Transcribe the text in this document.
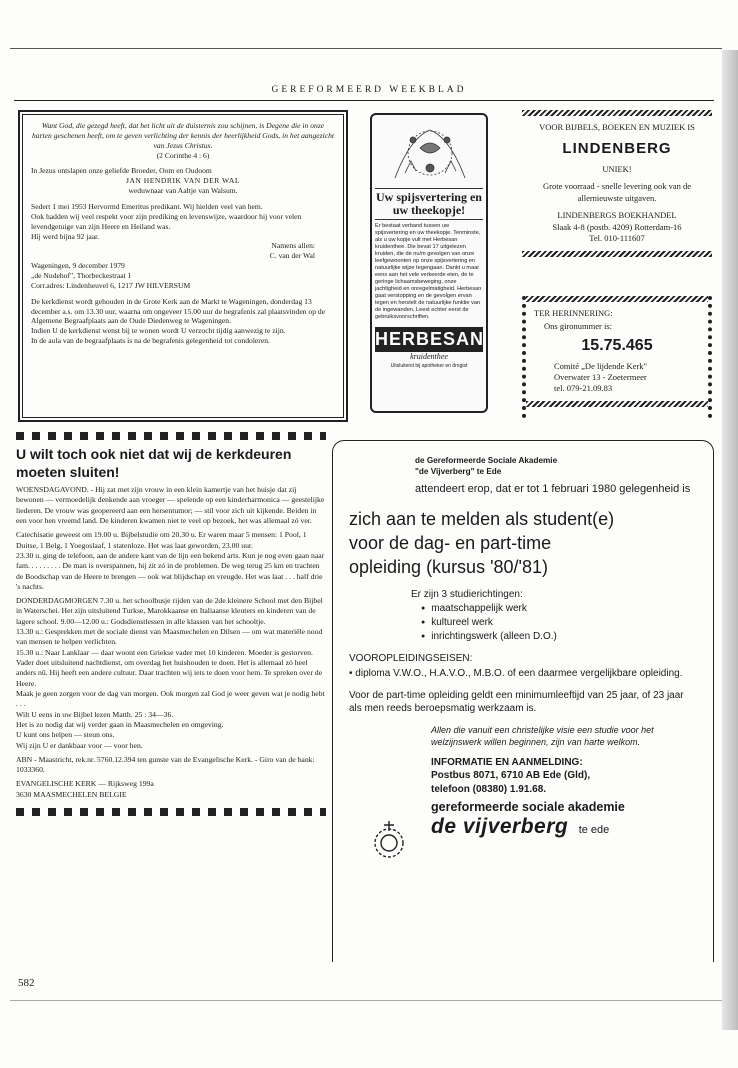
GEREFORMEERD WEEKBLAD
Want God, die gezegd heeft, dat het licht uit de duisternis zou schijnen, is Degene die in onze harten geschenen heeft, om te geven verlichting der kennis der heerlijkheid Gods, in het aangezicht van Jezus Christus.
(2 Corinthe 4 : 6)

In Jezus ontslapen onze geliefde Broeder, Oom en Oudoom

JAN HENDRIK VAN DER WAL
weduwnaar van Aaltje van Walsum.

Sedert 1 mei 1953 Hervormd Emeritus predikant. Wij hielden veel van hem.

Ook hadden wij veel respekt voor zijn prediking en levenswijze, waardoor hij voor velen levendgetuige van zijn Heere en Heiland was.
Hij werd bijna 92 jaar.
Namens allen:
C. van der Wal
Wageningen, 9 december 1979
„de Nudehof", Thorbeckestraat 1
Corr.adres: Lindenheuvel 6, 1217 JW HILVERSUM

De kerkdienst wordt gehouden in de Grote Kerk aan de Markt te Wageningen, donderdag 13 december a.s. om 13.30 uur, waarna om ongeveer 15.00 uur de begrafenis zal plaatsvinden op de Algemene Begraafplaats aan de Oude Diedenweg te Wageningen.

Indien U de kerkdienst wenst bij te wonen wordt U verzocht tijdig aanwezig te zijn.
In de aula van de begraafplaats is na de begrafenis gelegenheid tot condoleren.
Uw spijsvertering en uw theekopje!
Er bestaat verband tussen uw spijsvertering en uw theekopje. Tenminste, als u uw kopje vult met Herbesan kruidenthee. Die bevat 17 uitgelezen kruiden, die de nu/m gevolgen van onze leefgewoonten op onze spijsvertering en natuurlijke wijze tegengaan. Dankt u maar eens aan het vele verkeerde eten, de te geringe lichaamsbeweging, onze jachtigheid en onregelmatigheid. Herbesan gaat verstopping en de gevolgen ervan tegen en herstelt de natuurlijke funktie van de ingewanden. Leest echter eerst de gebruiksvoorschriften.
HERBESAN
kruidenthee
Uitsluitend bij apotheker en drogist
VOOR BIJBELS, BOEKEN EN MUZIEK IS
LINDENBERG
UNIEK!
Grote voorraad - snelle levering ook van de allernieuwste uitgaven.
LINDENBERGS BOEKHANDEL
Slaak 4-8 (postb. 4209) Rotterdam-16
Tel. 010-111607
TER HERINNERING:
Ons gironummer is:
15.75.465
Comité „De lijdende Kerk"
Overwater 13 - Zoetermeer
tel. 079-21.09.83
U wilt toch ook niet dat wij de kerkdeuren moeten sluiten!
WOENSDAGAVOND. - Hij zat met zijn vrouw in een klein kamertje van het huisje dat zij bewonen — vermoedelijk denkende aan vroeger — spelende op een kinderharmonica — geestelijke liederen. De vrouw was geopereerd aan een hersentumor; — stil voor zich uit kijkende. Beiden in een voor hen vreemd land. De kinderen kwamen niet te veel op bezoek, het was allemaal zó ver.

Catechisatie geweest om 19.00 u. Bijbelstudie om 20.30 u. Er waren maar 5 mensen: 1 Pool, 1 Duitse, 1 Belg, 1 Yoegoslaaf, 1 statenloze. Het was laat geworden, 23.00 uur.

23.30 u. ging de telefoon, aan de andere kant van de lijn een bekend arts. Kun je nog even gaan naar fam. . . . . . . . . De man is overspannen, hij zit zó in de problemen. De weg terug 25 km en trachten de Boodschap van de Heere te brengen — ook wat blijdschap en vreugde. Het was laat . . . half drie 's nachts.

DONDERDAGMORGEN 7.30 u. het schoolbusje rijden van de 2de kleinere School met den Bijbel in Waterschei. Het zijn uitsluitend Turkse, Marokkaanse en Italiaanse kleuters en kinderen van de lagere school. 9.00—12.00 u.: Godsdienstlessen in alle klassen van het schooltje.

13.30 u.: Gesprekken met de sociale dienst van Maasmechelen en Dilsen — om wat materiële nood van mensen te helpen verlichten.
15.30 u.: Naar Lanklaar — daar woont een Griekse vader met 10 kinderen. Moeder is gestorven. Vader doet uitsluitend nachtdienst, om overdag het huishouden te doen. Het is allemaal zó heel anders nû. Hij heeft een andere cultuur. Daar trachten wij iets te doen voor hem. Te spreken over de Heere.
Maak je geen zorgen voor de dag van morgen. Ook morgen zal God je weer geven wat je nodig hebt . . .
Wilt U eens in uw Bijbel lezen Matth. 25 : 34—36.
Het is zo nodig dat wij verder gaan in Maasmechelen en omgeving.
U kunt ons helpen — steun ons.
Wij zijn U er dankbaar voor — voor hen.

ABN - Maastricht, rek.nr. 5760.12.394 ten gunste van de Evangelische Kerk. - Giro van de bank: 1033360.

EVANGELISCHE KERK — Rijksweg 199a

3630 MAASMECHELEN BELGIE
de Gereformeerde Sociale Akademie
"de Vijverberg" te Ede
attendeert erop, dat er tot 1 februari 1980 gelegenheid is
zich aan te melden als student(e)
voor de dag- en part-time
opleiding (kursus '80/'81)
Er zijn 3 studierichtingen:
● maatschappelijk werk
● kultureel werk
● inrichtingswerk (alleen D.O.)
VOOROPLEIDINGSEISEN:
• diploma V.W.O., H.A.V.O., M.B.O. of een daarmee vergelijkbare opleiding.
Voor de part-time opleiding geldt een minimumleeftijd van 25 jaar, of 23 jaar als men reeds beroepsmatig werkzaam is.
Allen die vanuit een christelijke visie een studie voor het welzijnswerk willen beginnen, zijn van harte welkom.
INFORMATIE EN AANMELDING:
Postbus 8071, 6710 AB Ede (Gld),
telefoon (08380) 1.91.68.
gereformeerde sociale akademie
de vijverberg te ede
582
